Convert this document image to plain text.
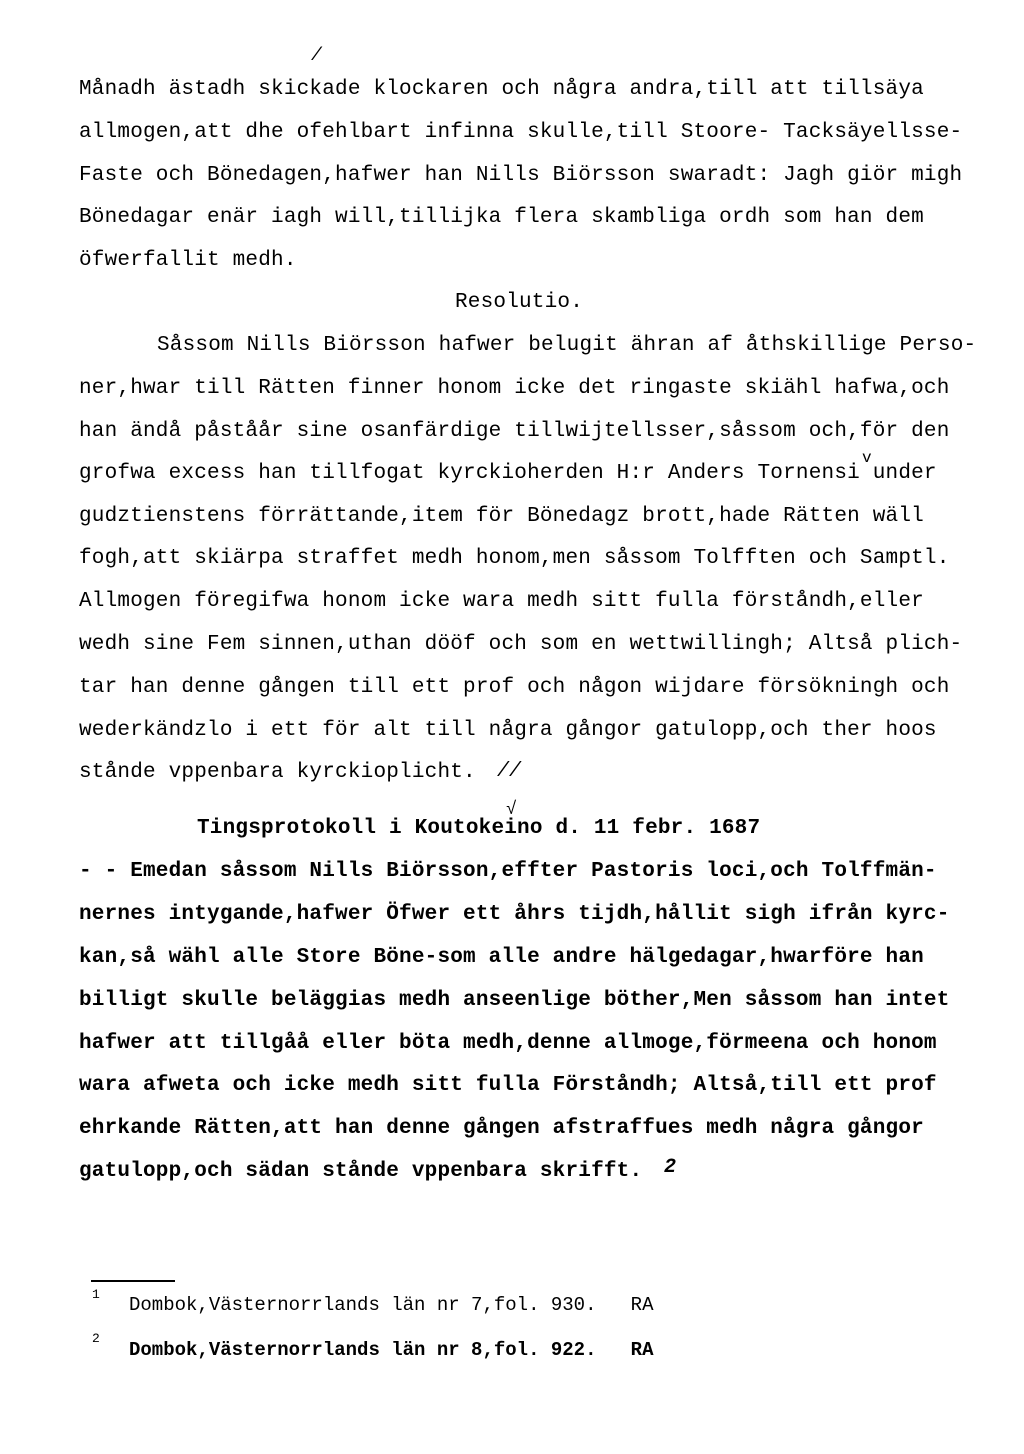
/
Månadh ästadh skickade klockaren och några andra,till att tillsäya
allmogen,att dhe ofehlbart infinna skulle,till Stoore- Tacksäyellsse-
Faste och Bönedagen,hafwer han Nills Biörsson swaradt: Jagh giör migh
Bönedagar enär iagh will,tillijka flera skambliga ordh som han dem
öfwerfallit medh.
Resolutio.
Såssom Nills Biörsson hafwer belugit ähran af åthskillige Perso-
ner,hwar till Rätten finner honom icke det ringaste skiähl hafwa,och
han ändå påståår sine osanfärdige tillwijtellsser,såssom och,för den
v
grofwa excess han tillfogat kyrckioherden H:r Anders Tornensi under
gudztienstens förrättande,item för Bönedagz brott,hade Rätten wäll
fogh,att skiärpa straffet medh honom,men såssom Tolfften och Samptl.
Allmogen föregifwa honom icke wara medh sitt fulla förståndh,eller
wedh sine Fem sinnen,uthan dööf och som en wettwillingh; Altså plich-
tar han denne gången till ett prof och någon wijdare försökningh och
wederkändzlo i ett för alt till några gångor gatulopp,och ther hoos
stånde vppenbara kyrckioplicht. //
√
Tingsprotokoll i Koutokeino d. 11 febr. 1687
- - Emedan såssom Nills Biörsson,effter Pastoris loci,och Tolffmän-
nernes intygande,hafwer Öfwer ett åhrs tijdh,hållit sigh ifrån kyrc-
kan,så wähl alle Store Böne-som alle andre hälgedagar,hwarföre han
billigt skulle beläggias medh anseenlige böther,Men såssom han intet
hafwer att tillgåå eller böta medh,denne allmoge,förmeena och honom
wara afweta och icke medh sitt fulla Förståndh; Altså,till ett prof
ehrkande Rätten,att han denne gången afstraffues medh några gångor
gatulopp,och sädan stånde vppenbara skrifft. 2
1 Dombok,Västernorrlands län nr 7,fol. 930.   RA
2
Dombok,Västernorrlands län nr 8,fol. 922.   RA
